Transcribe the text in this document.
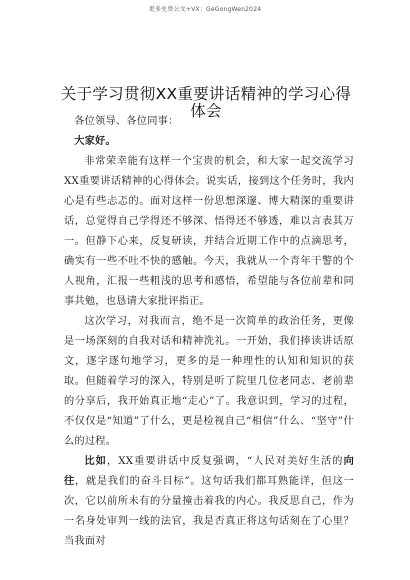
更多免费公文+VX：GeGongWen2024
关于学习贯彻XX重要讲话精神的学习心得体会

各位领导、各位同事：

大家好。

非常荣幸能有这样一个宝贵的机会，和大家一起交流学习XX重要讲话精神的心得体会。说实话，接到这个任务时，我内心是有些忐忑的。面对这样一份思想深邃、博大精深的重要讲话，总觉得自己学得还不够深、悟得还不够透，难以言表其万一。但静下心来，反复研读，并结合近期工作中的点滴思考，确实有一些不吐不快的感触。今天，我就从一个青年干警的个人视角，汇报一些粗浅的思考和感悟，希望能与各位前辈和同事共勉，也恳请大家批评指正。

这次学习，对我而言，绝不是一次简单的政治任务，更像是一场深刻的自我对话和精神洗礼。一开始，我们捧读讲话原文，逐字逐句地学习，更多的是一种理性的认知和知识的获取。但随着学习的深入，特别是听了院里几位老同志、老前辈的分享后，我开始真正地“走心”了。我意识到，学习的过程，不仅仅是“知道”了什么，更是检视自己“相信”什么、“坚守”什么的过程。

比如，XX重要讲话中反复强调，“人民对美好生活的向往，就是我们的奋斗目标”。这句话我们都耳熟能详，但这一次，它以前所未有的分量撞击着我的内心。我反思自己，作为一名身处审判一线的法官，我是否真正将这句话刻在了心里？当我面对
